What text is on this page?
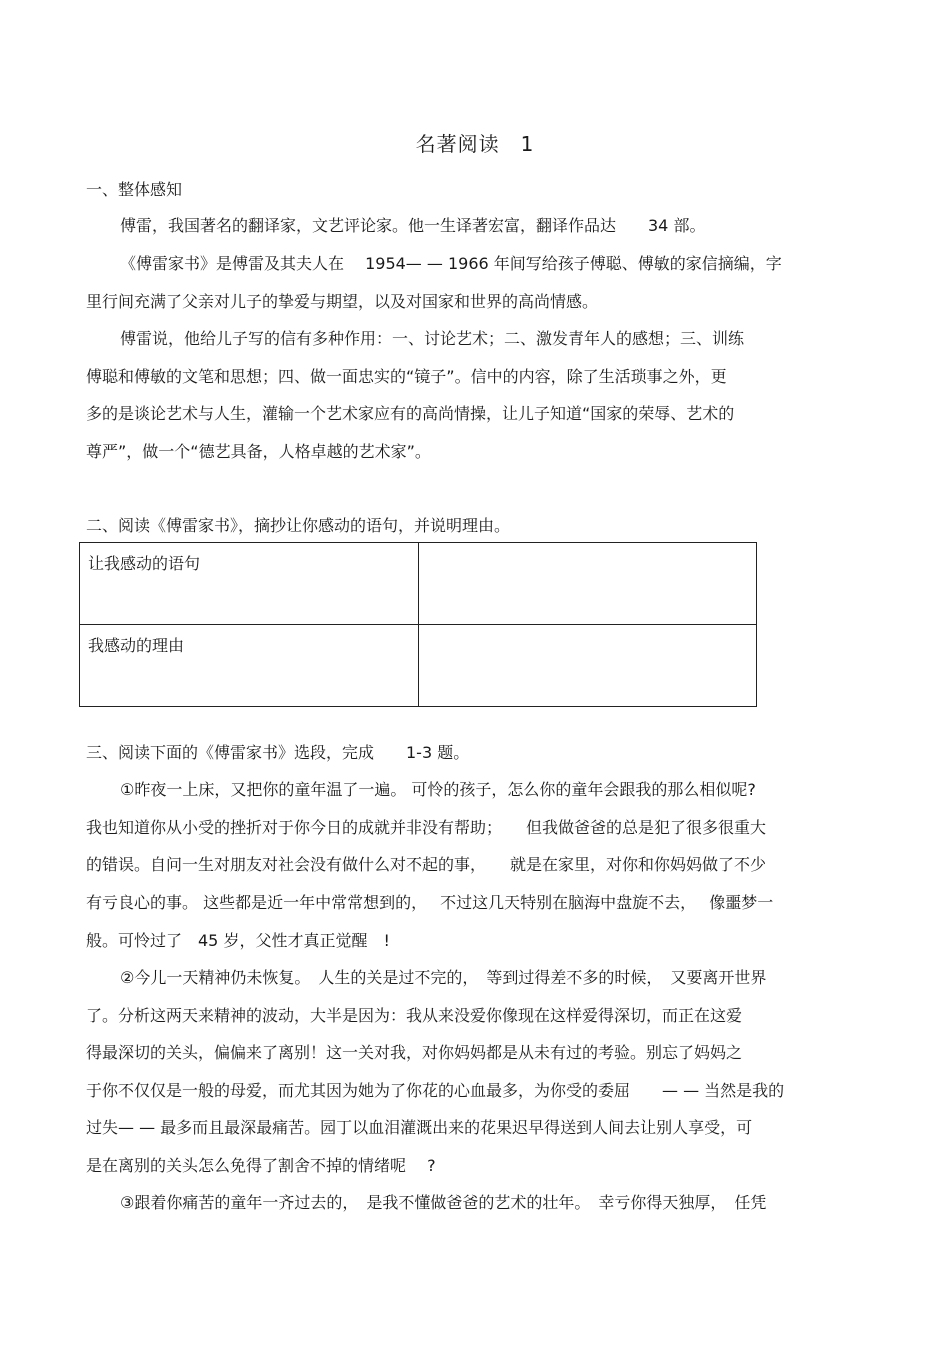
名著阅读　1
一、整体感知
傅雷，我国著名的翻译家，文艺评论家。他一生译著宏富，翻译作品达　　34 部。
《傅雷家书》是傅雷及其夫人在　 1954— — 1966 年间写给孩子傅聪、傅敏的家信摘编，字
里行间充满了父亲对儿子的挚爱与期望，以及对国家和世界的高尚情感。
傅雷说，他给儿子写的信有多种作用：一、讨论艺术；二、激发青年人的感想；三、训练
傅聪和傅敏的文笔和思想；四、做一面忠实的“镜子”。信中的内容，除了生活琐事之外，更
多的是谈论艺术与人生，灌输一个艺术家应有的高尚情操，让儿子知道“国家的荣辱、艺术的
尊严”，做一个“德艺具备，人格卓越的艺术家”。
二、阅读《傅雷家书》，摘抄让你感动的语句，并说明理由。
让我感动的语句	
我感动的理由	
三、阅读下面的《傅雷家书》选段，完成　　1-3 题。
①昨夜一上床，又把你的童年温了一遍。 可怜的孩子，怎么你的童年会跟我的那么相似呢?
我也知道你从小受的挫折对于你今日的成就并非没有帮助；　　但我做爸爸的总是犯了很多很重大
的错误。自问一生对朋友对社会没有做什么对不起的事，　　就是在家里，对你和你妈妈做了不少
有亏良心的事。 这些都是近一年中常常想到的，　 不过这几天特别在脑海中盘旋不去，　 像噩梦一
般。可怜过了　45 岁，父性才真正觉醒　!
②今儿一天精神仍未恢复。　人生的关是过不完的，　等到过得差不多的时候，　又要离开世界
了。分析这两天来精神的波动，大半是因为：我从来没爱你像现在这样爱得深切，而正在这爱
得最深切的关头，偏偏来了离别！这一关对我，对你妈妈都是从未有过的考验。别忘了妈妈之
于你不仅仅是一般的母爱，而尤其因为她为了你花的心血最多，为你受的委屈　　— — 当然是我的
过失— — 最多而且最深最痛苦。园丁以血泪灌溉出来的花果迟早得送到人间去让别人享受，可
是在离别的关头怎么免得了割舍不掉的情绪呢　 ?
③跟着你痛苦的童年一齐过去的，　是我不懂做爸爸的艺术的壮年。　幸亏你得天独厚，　任凭
